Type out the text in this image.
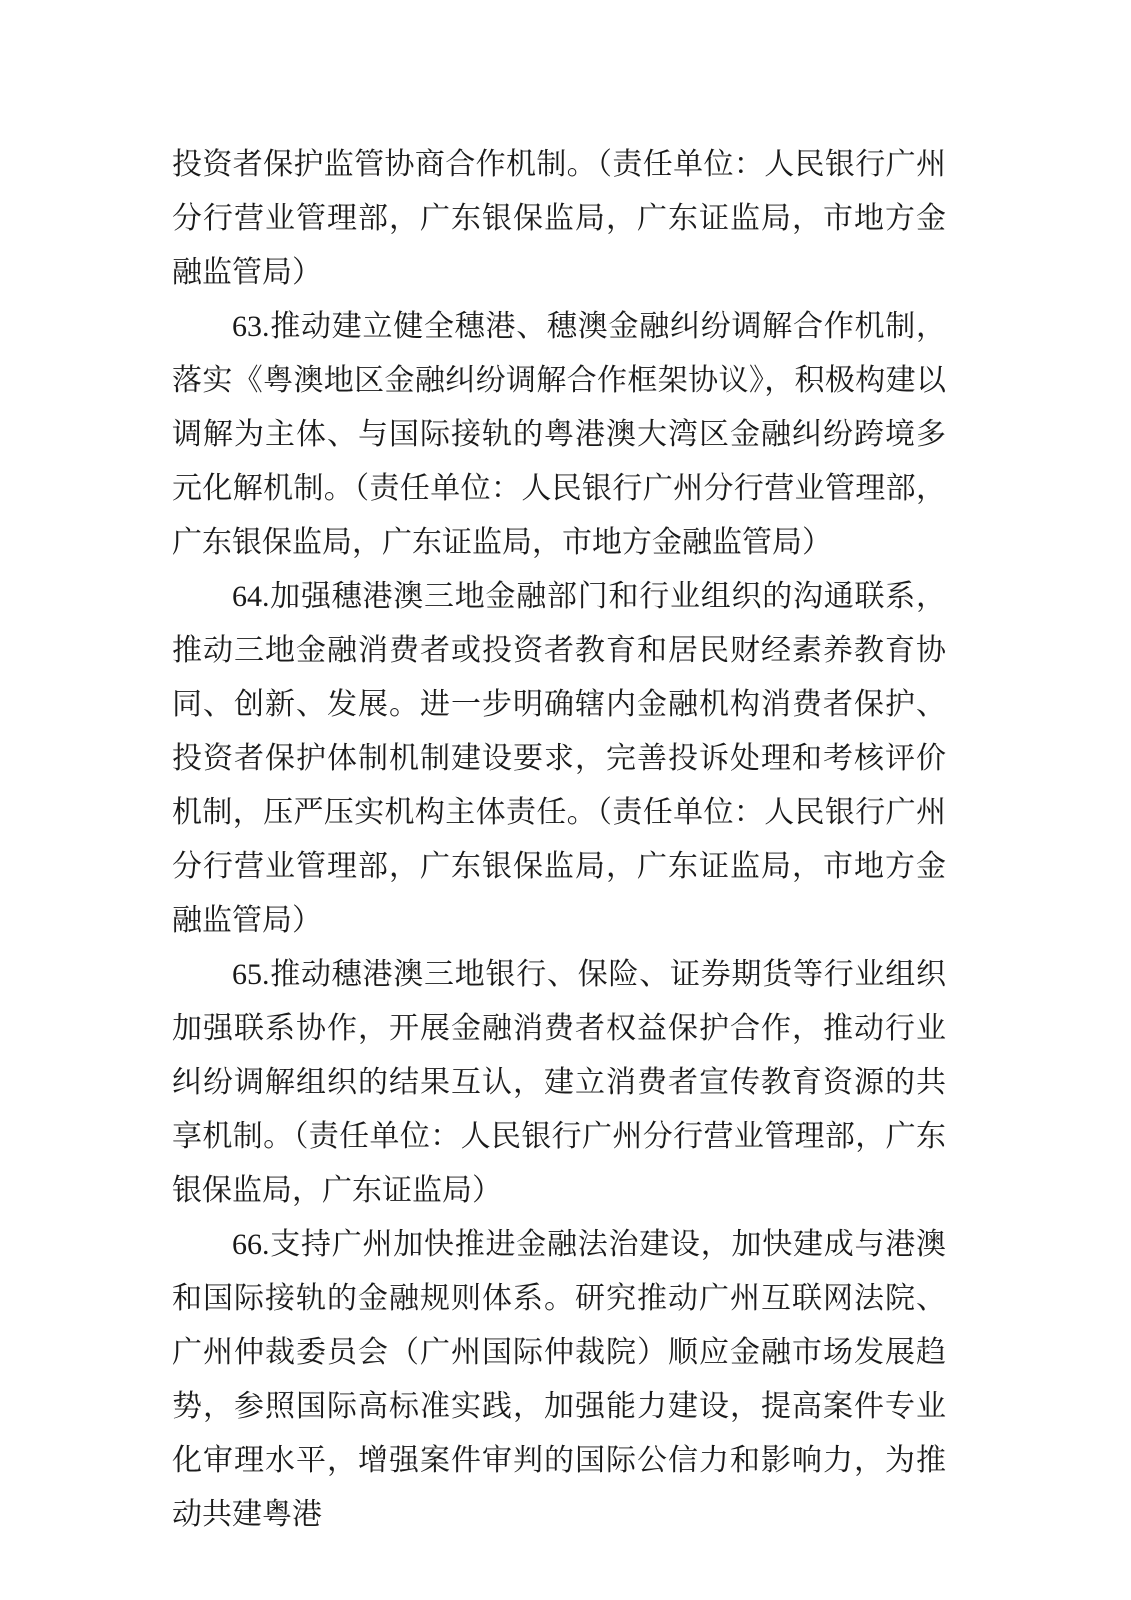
投资者保护监管协商合作机制。（责任单位：人民银行广州分行营业管理部，广东银保监局，广东证监局，市地方金融监管局）

63.推动建立健全穗港、穗澳金融纠纷调解合作机制，落实《粤澳地区金融纠纷调解合作框架协议》，积极构建以调解为主体、与国际接轨的粤港澳大湾区金融纠纷跨境多元化解机制。（责任单位：人民银行广州分行营业管理部，广东银保监局，广东证监局，市地方金融监管局）

64.加强穗港澳三地金融部门和行业组织的沟通联系，推动三地金融消费者或投资者教育和居民财经素养教育协同、创新、发展。进一步明确辖内金融机构消费者保护、投资者保护体制机制建设要求，完善投诉处理和考核评价机制，压严压实机构主体责任。（责任单位：人民银行广州分行营业管理部，广东银保监局，广东证监局，市地方金融监管局）

65.推动穗港澳三地银行、保险、证券期货等行业组织加强联系协作，开展金融消费者权益保护合作，推动行业纠纷调解组织的结果互认，建立消费者宣传教育资源的共享机制。（责任单位：人民银行广州分行营业管理部，广东银保监局，广东证监局）

66.支持广州加快推进金融法治建设，加快建成与港澳和国际接轨的金融规则体系。研究推动广州互联网法院、广州仲裁委员会（广州国际仲裁院）顺应金融市场发展趋势，参照国际高标准实践，加强能力建设，提高案件专业化审理水平，增强案件审判的国际公信力和影响力，为推动共建粤港
